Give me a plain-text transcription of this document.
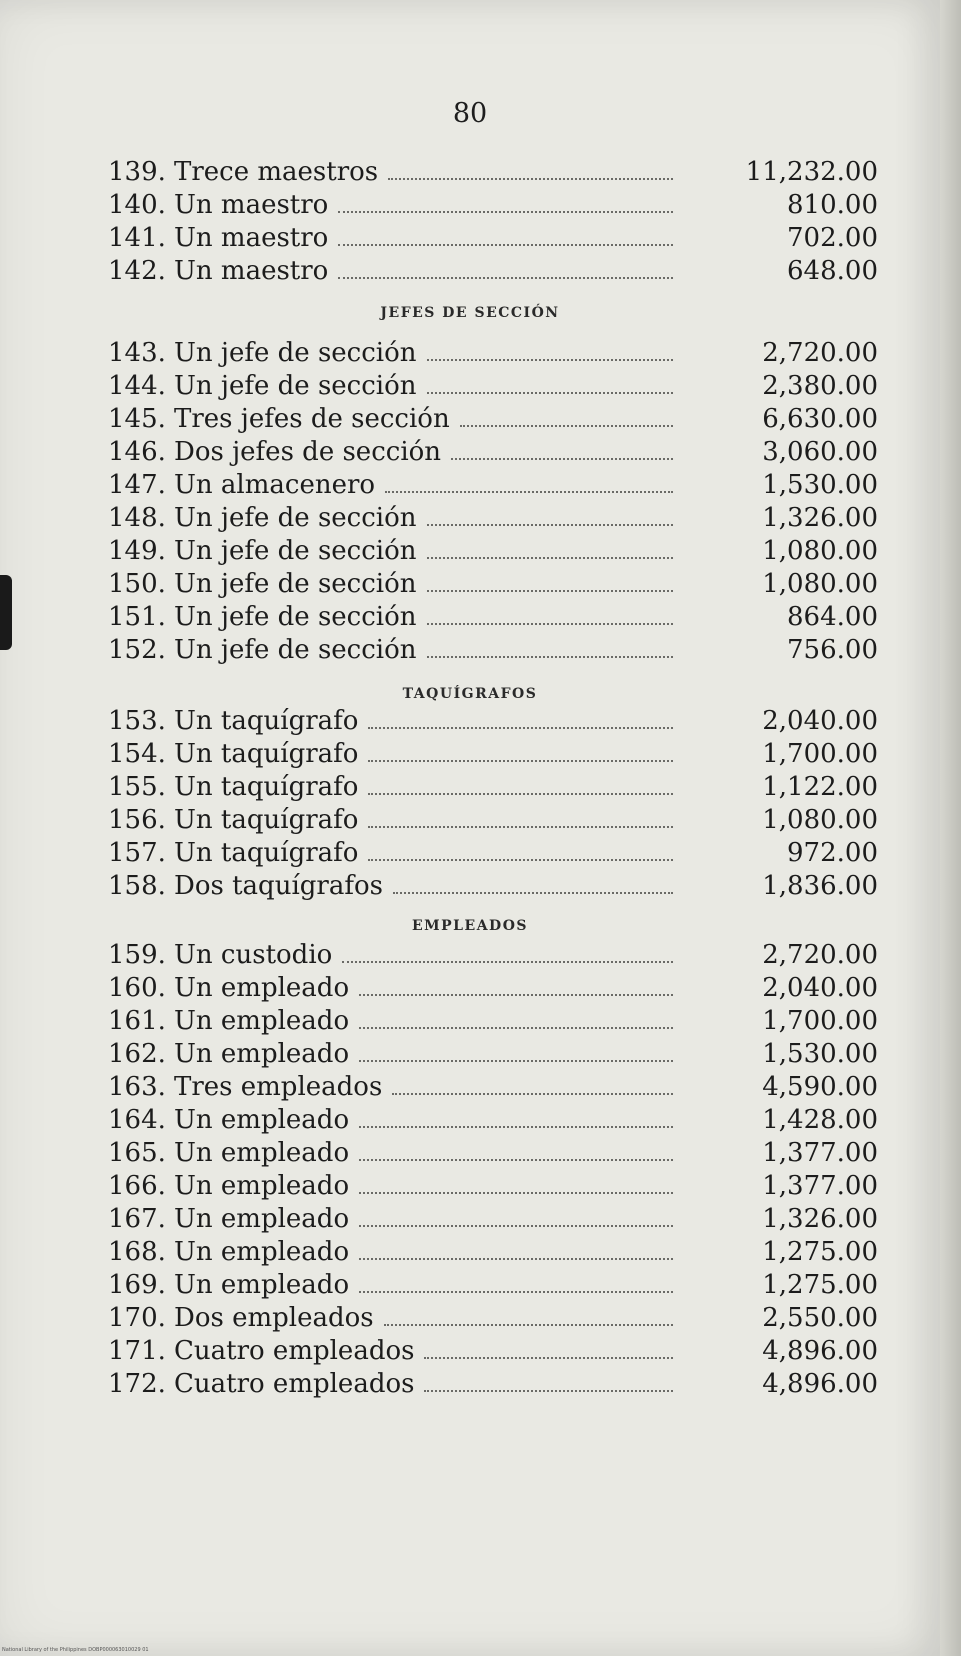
80
139. Trece maestros	11,232.00
140. Un maestro	810.00
141. Un maestro	702.00
142. Un maestro	648.00
JEFES DE SECCIÓN
143. Un jefe de sección	2,720.00
144. Un jefe de sección	2,380.00
145. Tres jefes de sección	6,630.00
146. Dos jefes de sección	3,060.00
147. Un almacenero	1,530.00
148. Un jefe de sección	1,326.00
149. Un jefe de sección	1,080.00
150. Un jefe de sección	1,080.00
151. Un jefe de sección	864.00
152. Un jefe de sección	756.00
TAQUÍGRAFOS
153. Un taquígrafo	2,040.00
154. Un taquígrafo	1,700.00
155. Un taquígrafo	1,122.00
156. Un taquígrafo	1,080.00
157. Un taquígrafo	972.00
158. Dos taquígrafos	1,836.00
EMPLEADOS
159. Un custodio	2,720.00
160. Un empleado	2,040.00
161. Un empleado	1,700.00
162. Un empleado	1,530.00
163. Tres empleados	4,590.00
164. Un empleado	1,428.00
165. Un empleado	1,377.00
166. Un empleado	1,377.00
167. Un empleado	1,326.00
168. Un empleado	1,275.00
169. Un empleado	1,275.00
170. Dos empleados	2,550.00
171. Cuatro empleados	4,896.00
172. Cuatro empleados	4,896.00
National Library of the Philippines DOBP000063010029 01
